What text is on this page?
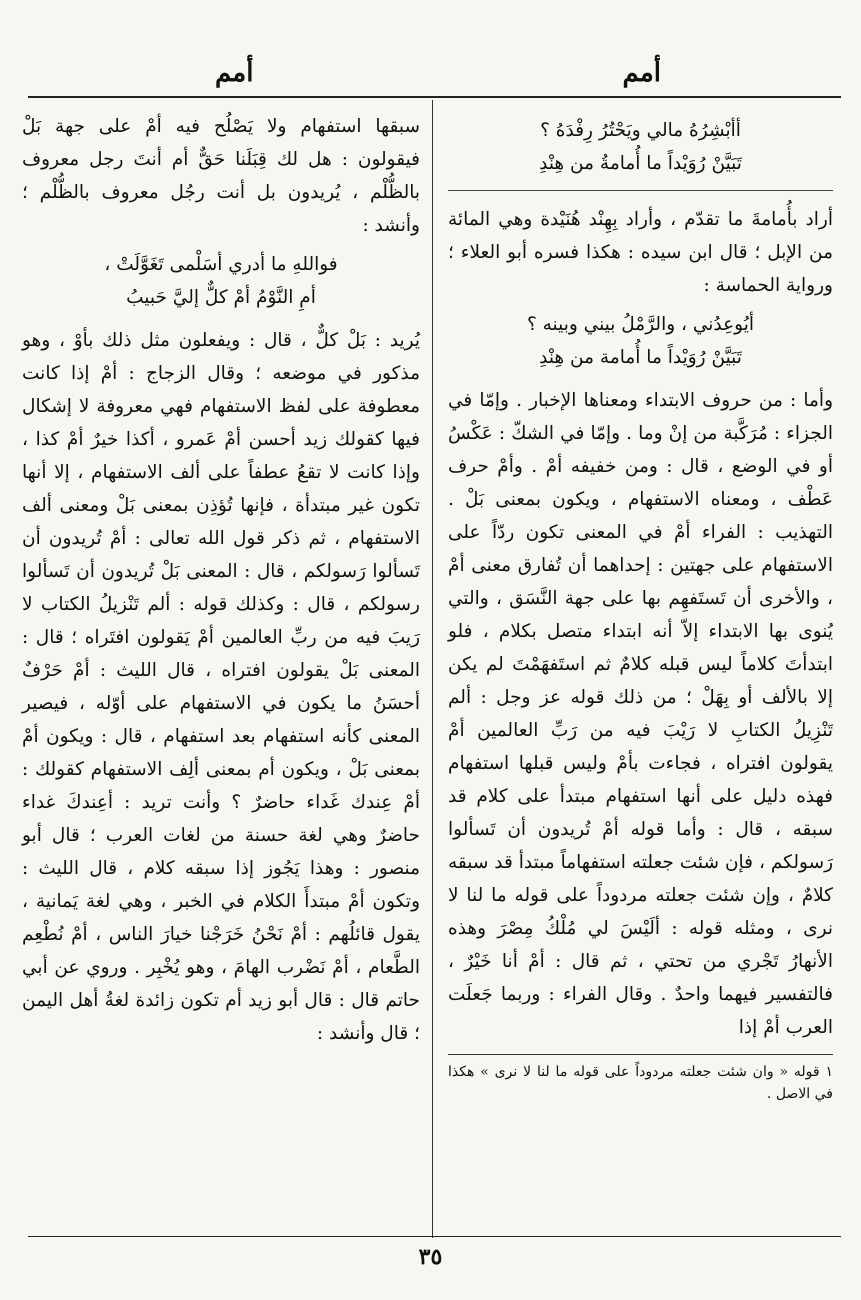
أمم
أمم
أأبْشِرُهُ مالي ويَحْتُرُ رِفْدَهُ ؟
تَبَيَّنْ رُوَيْداً ما أُمامةُ من هِنْدِ

أراد بأُمامةَ ما تقدّم ، وأراد بِهِنْد هُنَيْدة وهي المائة من الإبل ؛ قال ابن سيده : هكذا فسره أبو العلاء ؛ ورواية الحماسة :

أيُوعِدُني ، والرَّمْلُ بيني وبينه ؟
تَبَيَّنْ رُوَيْداً ما أُمامة من هِنْدِ

وأما : من حروف الابتداء ومعناها الإخبار . وإمّا في الجزاء : مُرَكَّبة من إنْ وما . وإمّا في الشكّ : عَكْسُ أو في الوضع ، قال : ومن خفيفه أمْ . وأمْ حرف عَطْف ، ومعناه الاستفهام ، ويكون بمعنى بَلْ . التهذيب : الفراء أمْ في المعنى تكون ردّاً على الاستفهام على جهتين : إحداهما أن تُفارق معنى أمْ ، والأخرى أن تَستَفهِم بها على جهة النَّسَق ، والتي يُنوى بها الابتداء إلاّ أنه ابتداء متصل بكلام ، فلو ابتدأتَ كلاماً ليس قبله كلامٌ ثم استَفهَمْتَ لم يكن إلا بالألف أو بِهَلْ ؛ من ذلك قوله عز وجل : ألم تَنْزِيلُ الكتابِ لا رَيْبَ فيه من رَبِّ العالمين أمْ يقولون افتراه ، فجاءت بأمْ وليس قبلها استفهام فهذه دليل على أنها استفهام مبتدأ على كلام قد سبقه ، قال : وأما قوله أمْ تُريدون أن تَسألوا رَسولكم ، فإن شئت جعلته استفهاماً مبتدأ قد سبقه كلامٌ ، وإن شئت جعلته مردوداً على قوله ما لنا لا نرى ، ومثله قوله : ألَيْسَ لي مُلْكُ مِصْرَ وهذه الأنهارُ تَجْري من تحتي ، ثم قال : أمْ أنا خَيْرٌ ، فالتفسير فيهما واحدٌ . وقال الفراء : وربما جَعلَت العرب أمْ إذا

١ قوله « وان شئت جعلته مردوداً على قوله ما لنا لا نرى » هكذا في الاصل .

سبقها استفهام ولا يَصْلُح فيه أمْ على جهة بَلْ فيقولون : هل لك قِبَلَنا حَقٌّ أم أنتَ رجل معروف بالظُّلْم ، يُريدون بل أنت رجُل معروف بالظُّلْم ؛ وأنشد :

فواللهِ ما أدري أسَلْمى تَغَوَّلَتْ ،
أمِ النَّوْمُ أمْ كلٌّ إليَّ حَبيبُ

يُريد : بَلْ كلٌّ ، قال : ويفعلون مثل ذلك بأوْ ، وهو مذكور في موضعه ؛ وقال الزجاج : أمْ إذا كانت معطوفة على لفظ الاستفهام فهي معروفة لا إشكال فيها كقولك زيد أحسن أمْ عَمرو ، أكذا خيرٌ أمْ كذا ، وإذا كانت لا تقعُ عطفاً على ألف الاستفهام ، إلا أنها تكون غير مبتدأة ، فإنها تُؤذِن بمعنى بَلْ ومعنى ألف الاستفهام ، ثم ذكر قول الله تعالى : أمْ تُريدون أن تَسألوا رَسولكم ، قال : المعنى بَلْ تُريدون أن تَسألوا رسولكم ، قال : وكذلك قوله : ألم تَنْزيلُ الكتاب لا رَيبَ فيه من ربِّ العالمين أمْ يَقولون افتَراه ؛ قال : المعنى بَلْ يقولون افتراه ، قال الليث : أمْ حَرْفٌ أحسَنُ ما يكون في الاستفهام على أوّله ، فيصير المعنى كأنه استفهام بعد استفهام ، قال : ويكون أمْ بمعنى بَلْ ، ويكون أم بمعنى ألِف الاستفهام كقولك : أمْ عِندك غَداء حاضرٌ ؟ وأنت تريد : أعِندكَ غداء حاضرٌ وهي لغة حسنة من لغات العرب ؛ قال أبو منصور : وهذا يَجُوز إذا سبقه كلام ، قال الليث : وتكون أمْ مبتدأَ الكلام في الخبر ، وهي لغة يَمانية ، يقول قائلُهم : أمْ نَحْنُ خَرَجْنا خيارَ الناس ، أمْ نُطْعِم الطَّعام ، أمْ نَضْرب الهامَ ، وهو يُخْبِر . وروي عن أبي حاتم قال : قال أبو زيد أم تكون زائدة لغةُ أهل اليمن ؛ قال وأنشد :

٣٥
